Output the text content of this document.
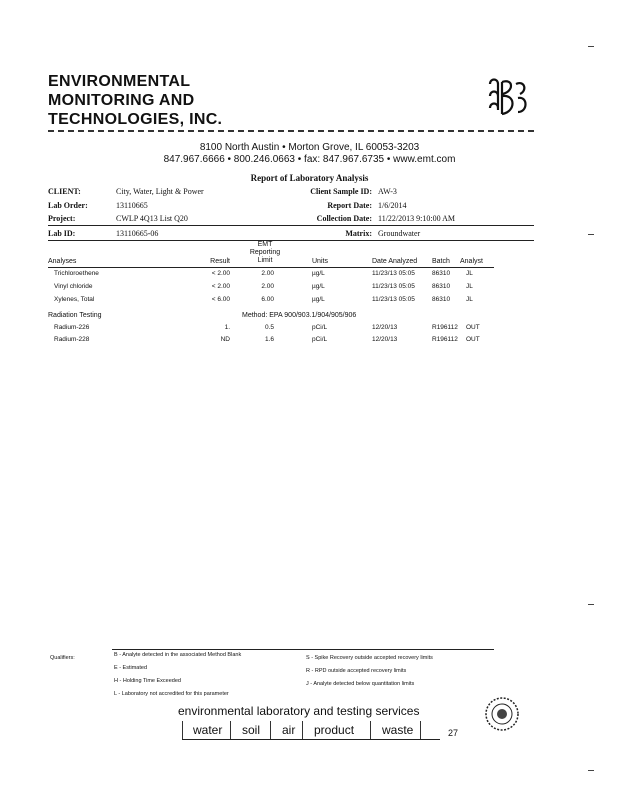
ENVIRONMENTAL
MONITORING AND
TECHNOLOGIES, INC.
8100 North Austin • Morton Grove, IL 60053-3203
847.967.6666 • 800.246.0663 • fax: 847.967.6735 • www.emt.com
Report of Laboratory Analysis
CLIENT:	City, Water, Light & Power
Lab Order:	13110665
Project:	CWLP 4Q13 List Q20
Lab ID:	13110665-06
Client Sample ID: AW-3
Report Date: 1/6/2014
Collection Date: 11/22/2013 9:10:00 AM
Matrix: Groundwater
Analyses	Result
EMT
Reporting
Limit	Units	Date Analyzed Batch Analyst
Trichloroethene	< 2.00	2.00	µg/L	11/23/13 05:05	86310 JL
Vinyl chloride	< 2.00	2.00	µg/L	11/23/13 05:05	86310 JL
Xylenes, Total	< 6.00	6.00	µg/L	11/23/13 05:05	86310 JL
Radiation Testing	Method: EPA 900/903.1/904/905/906
Radium-226	1.	0.5	pCi/L	12/20/13	R196112 OUT
Radium-228	ND	1.6	pCi/L	12/20/13	R196112 OUT
Qualifiers:	B - Analyte detected in the associated Method Blank
E - Estimated
H - Holding Time Exceeded
L - Laboratory not accredited for this parameter
S - Spike Recovery outside accepted recovery limits
R - RPD outside accepted recovery limits
J - Analyte detected below quantitation limits
environmental laboratory and testing services
water soil air product waste	27
